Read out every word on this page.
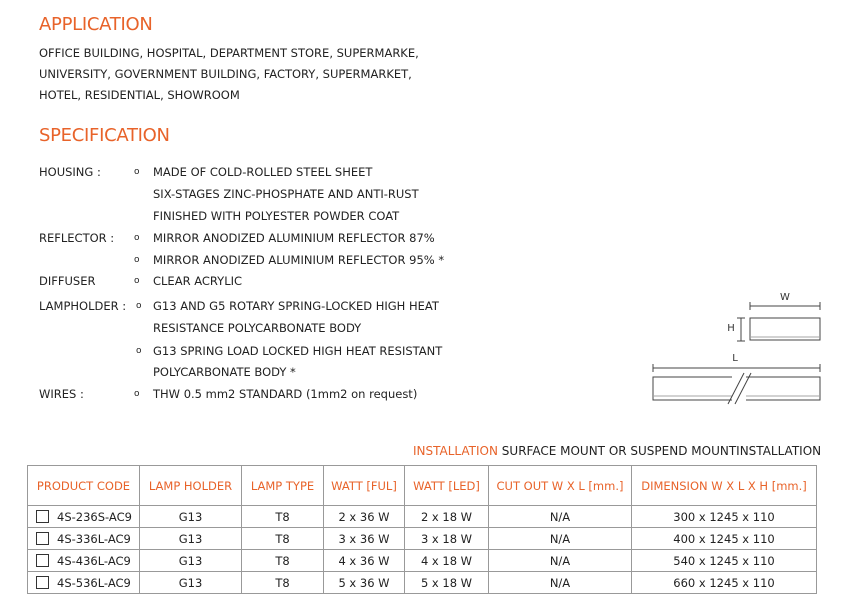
APPLICATION
OFFICE BUILDING, HOSPITAL, DEPARTMENT STORE, SUPERMARKE,
UNIVERSITY, GOVERNMENT BUILDING, FACTORY, SUPERMARKET,
HOTEL, RESIDENTIAL, SHOWROOM
SPECIFICATION
HOUSING :	o MADE OF COLD-ROLLED STEEL SHEET
SIX-STAGES ZINC-PHOSPHATE AND ANTI-RUST
FINISHED WITH POLYESTER POWDER COAT
REFLECTOR : o MIRROR ANODIZED ALUMINIUM REFLECTOR 87%
o MIRROR ANODIZED ALUMINIUM REFLECTOR 95% *
DIFFUSER	o CLEAR ACRYLIC
LAMPHOLDER : o G13 AND G5 ROTARY SPRING-LOCKED HIGH HEAT
RESISTANCE POLYCARBONATE BODY
o G13 SPRING LOAD LOCKED HIGH HEAT RESISTANT
POLYCARBONATE BODY *
WIRES :	o THW 0.5 mm2 STANDARD (1mm2 on request)
W
H
L
INSTALLATION SURFACE MOUNT OR SUSPEND MOUNTINSTALLATION
PRODUCT CODE	LAMP HOLDER	LAMP TYPE	WATT [FUL]	WATT [LED]	CUT OUT W X L [mm.]	DIMENSION W X L X H [mm.]
4S-236S-AC9	G13	T8	2 x 36 W	2 x 18 W	N/A	300 x 1245 x 110
4S-336L-AC9	G13	T8	3 x 36 W	3 x 18 W	N/A	400 x 1245 x 110
4S-436L-AC9	G13	T8	4 x 36 W	4 x 18 W	N/A	540 x 1245 x 110
4S-536L-AC9	G13	T8	5 x 36 W	5 x 18 W	N/A	660 x 1245 x 110
